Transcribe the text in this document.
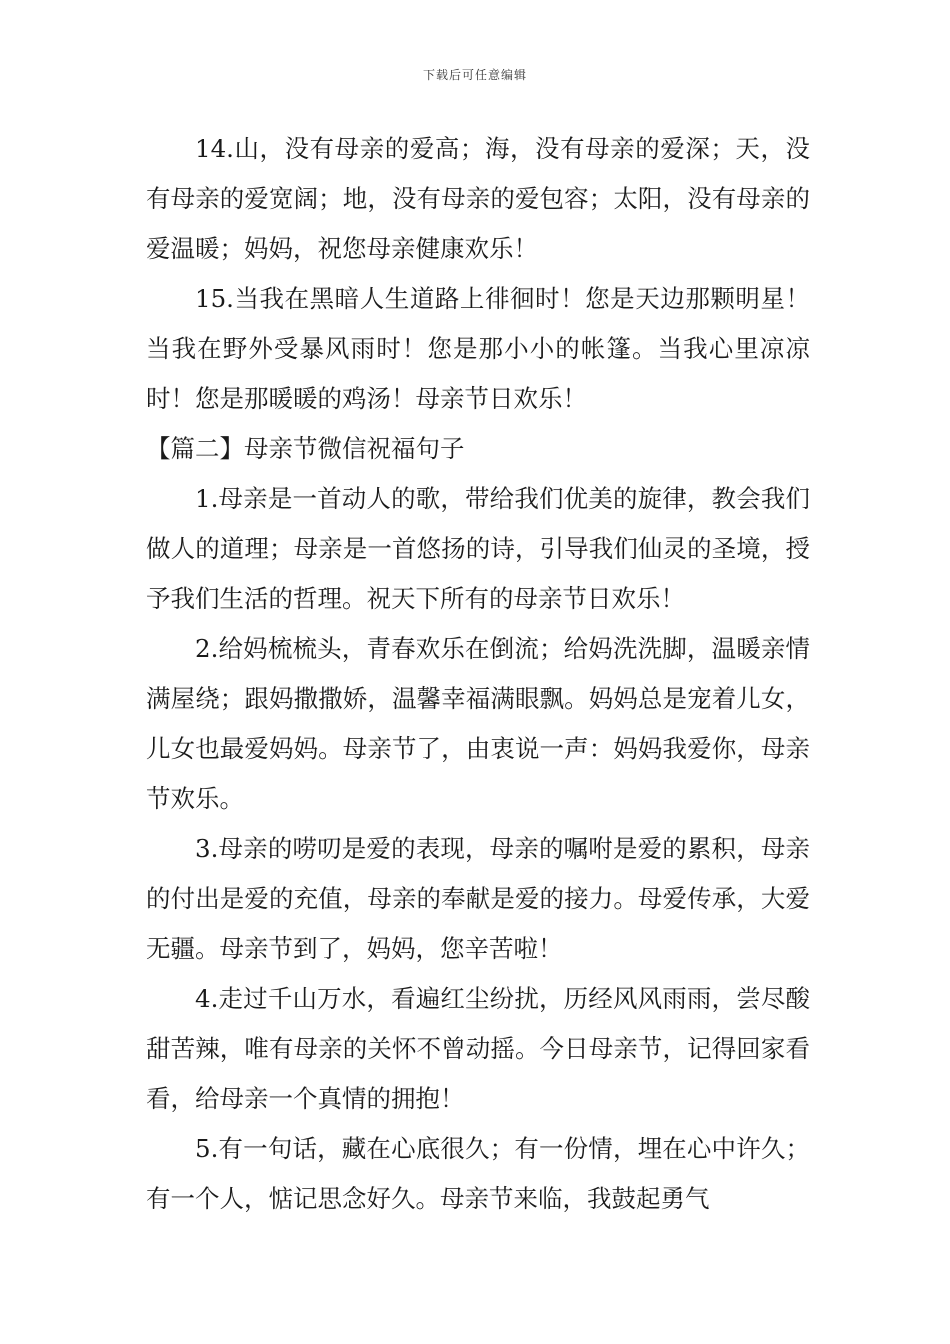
下载后可任意编辑

14.山，没有母亲的爱高；海，没有母亲的爱深；天，没有母亲的爱宽阔；地，没有母亲的爱包容；太阳，没有母亲的爱温暖；妈妈，祝您母亲健康欢乐！

15.当我在黑暗人生道路上徘徊时！您是天边那颗明星！当我在野外受暴风雨时！您是那小小的帐篷。当我心里凉凉时！您是那暖暖的鸡汤！母亲节日欢乐！

【篇二】母亲节微信祝福句子

1.母亲是一首动人的歌，带给我们优美的旋律，教会我们做人的道理；母亲是一首悠扬的诗，引导我们仙灵的圣境，授予我们生活的哲理。祝天下所有的母亲节日欢乐！

2.给妈梳梳头，青春欢乐在倒流；给妈洗洗脚，温暖亲情满屋绕；跟妈撒撒娇，温馨幸福满眼飘。妈妈总是宠着儿女，儿女也最爱妈妈。母亲节了，由衷说一声：妈妈我爱你，母亲节欢乐。

3.母亲的唠叨是爱的表现，母亲的嘱咐是爱的累积，母亲的付出是爱的充值，母亲的奉献是爱的接力。母爱传承，大爱无疆。母亲节到了，妈妈，您辛苦啦！

4.走过千山万水，看遍红尘纷扰，历经风风雨雨，尝尽酸甜苦辣，唯有母亲的关怀不曾动摇。今日母亲节，记得回家看看，给母亲一个真情的拥抱！

5.有一句话，藏在心底很久；有一份情，埋在心中许久；有一个人，惦记思念好久。母亲节来临，我鼓起勇气
